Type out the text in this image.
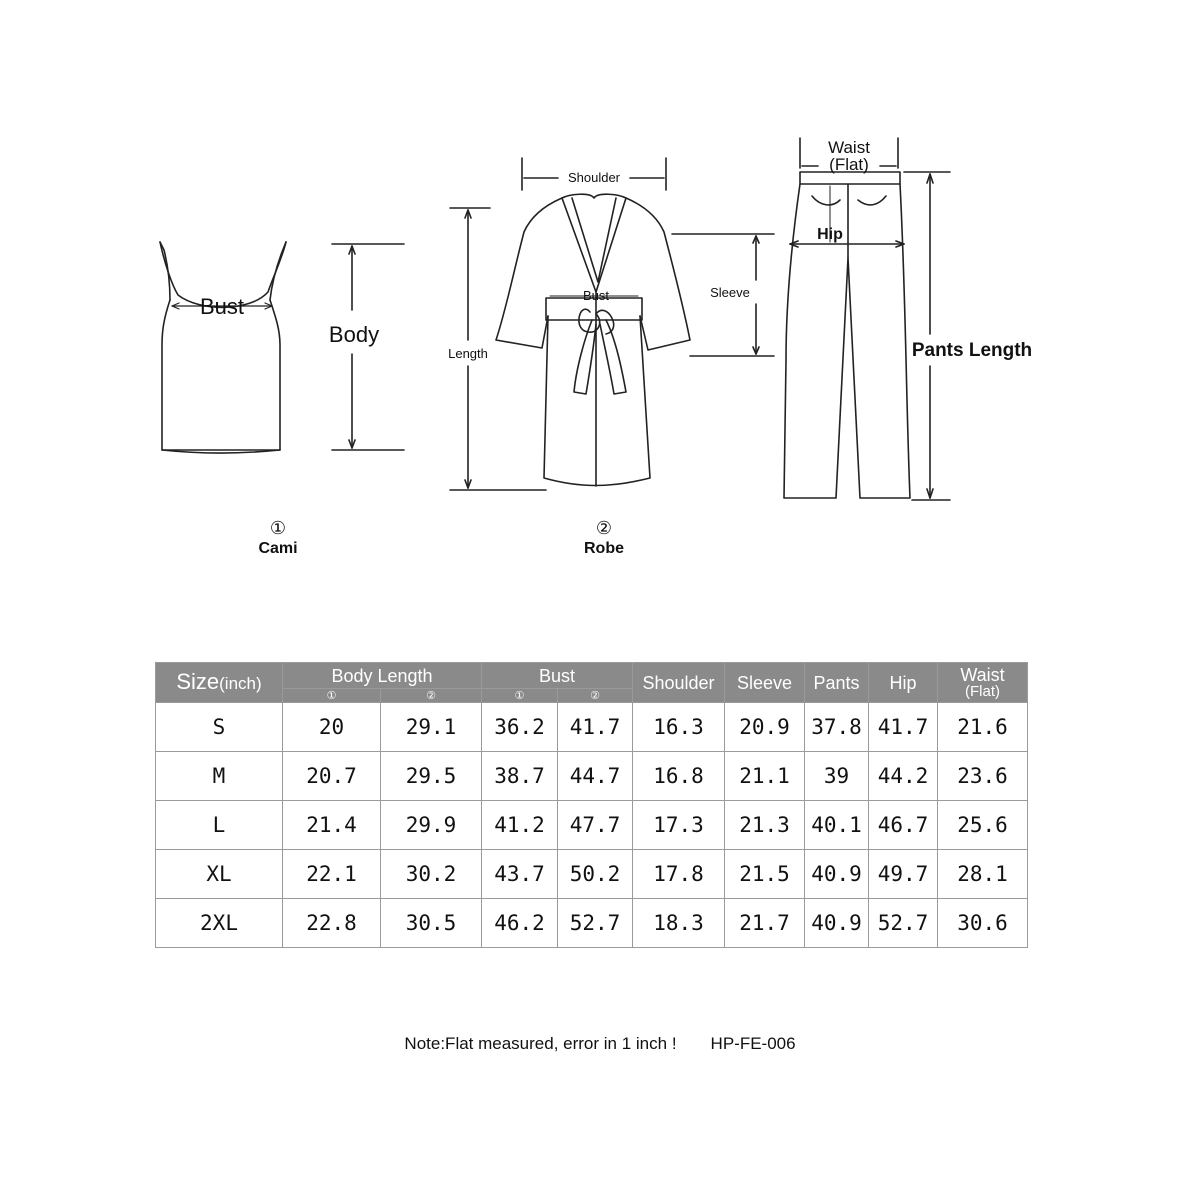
Bust
Body
Shoulder
Bust	Sleeve
Length
Waist
(Flat)
Hip
Pants Length
①
Cami
②
Robe
Size(inch)	Body Length		Bust		Shoulder	Sleeve	Pants	Hip	Waist
(Flat)

	①	②	①	②					
S	20	29.1	36.2	41.7	16.3	20.9	37.8	41.7	21.6
M	20.7	29.5	38.7	44.7	16.8	21.1	39	44.2	23.6
L	21.4	29.9	41.2	47.7	17.3	21.3	40.1	46.7	25.6
XL	22.1	30.2	43.7	50.2	17.8	21.5	40.9	49.7	28.1
2XL	22.8	30.5	46.2	52.7	18.3	21.7	40.9	52.7	30.6
Note:Flat measured, error in 1 inch ! HP-FE-006
